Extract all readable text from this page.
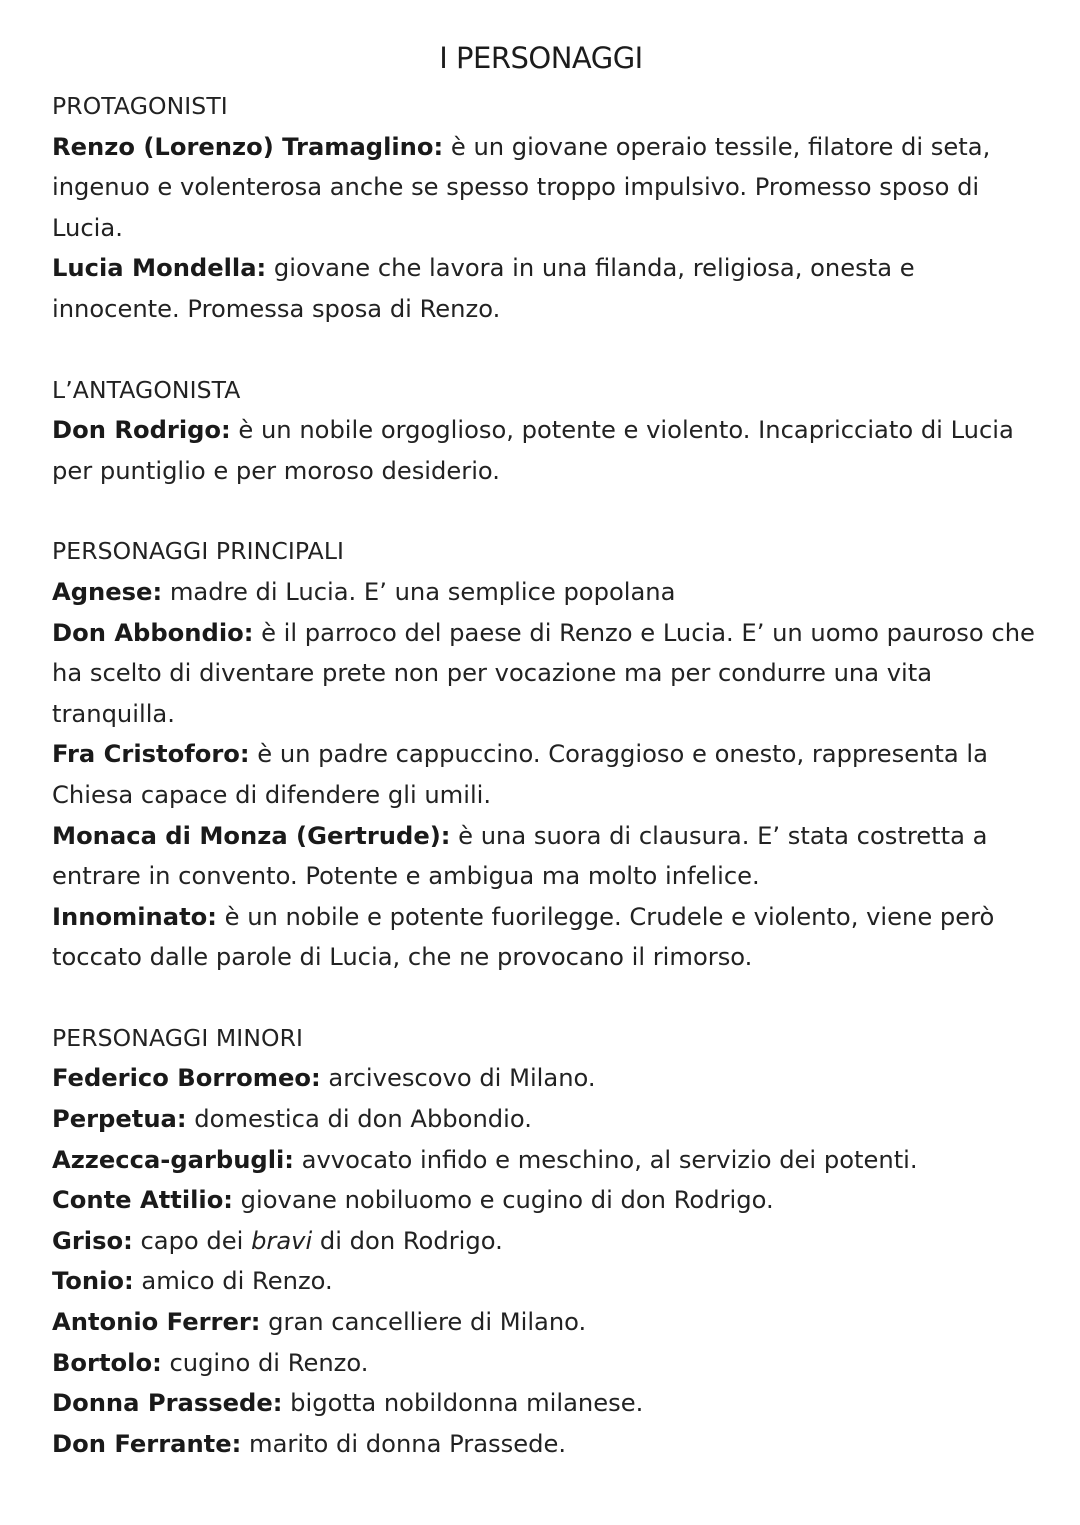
I PERSONAGGI

PROTAGONISTI

Renzo (Lorenzo) Tramaglino: è un giovane operaio tessile, filatore di seta, ingenuo e volenterosa anche se spesso troppo impulsivo. Promesso sposo di Lucia.

Lucia Mondella: giovane che lavora in una filanda, religiosa, onesta e innocente. Promessa sposa di Renzo.

L’ANTAGONISTA

Don Rodrigo: è un nobile orgoglioso, potente e violento. Incapricciato di Lucia per puntiglio e per moroso desiderio.

PERSONAGGI PRINCIPALI

Agnese: madre di Lucia. E’ una semplice popolana

Don Abbondio: è il parroco del paese di Renzo e Lucia. E’ un uomo pauroso che ha scelto di diventare prete non per vocazione ma per condurre una vita tranquilla.

Fra Cristoforo: è un padre cappuccino. Coraggioso e onesto, rappresenta la Chiesa capace di difendere gli umili.

Monaca di Monza (Gertrude): è una suora di clausura. E’ stata costretta a entrare in convento. Potente e ambigua ma molto infelice.

Innominato: è un nobile e potente fuorilegge. Crudele e violento, viene però toccato dalle parole di Lucia, che ne provocano il rimorso.

PERSONAGGI MINORI

Federico Borromeo: arcivescovo di Milano.

Perpetua: domestica di don Abbondio.

Azzecca-garbugli: avvocato infido e meschino, al servizio dei potenti.

Conte Attilio: giovane nobiluomo e cugino di don Rodrigo.

Griso: capo dei bravi di don Rodrigo.

Tonio: amico di Renzo.

Antonio Ferrer: gran cancelliere di Milano.

Bortolo: cugino di Renzo.

Donna Prassede: bigotta nobildonna milanese.

Don Ferrante: marito di donna Prassede.
